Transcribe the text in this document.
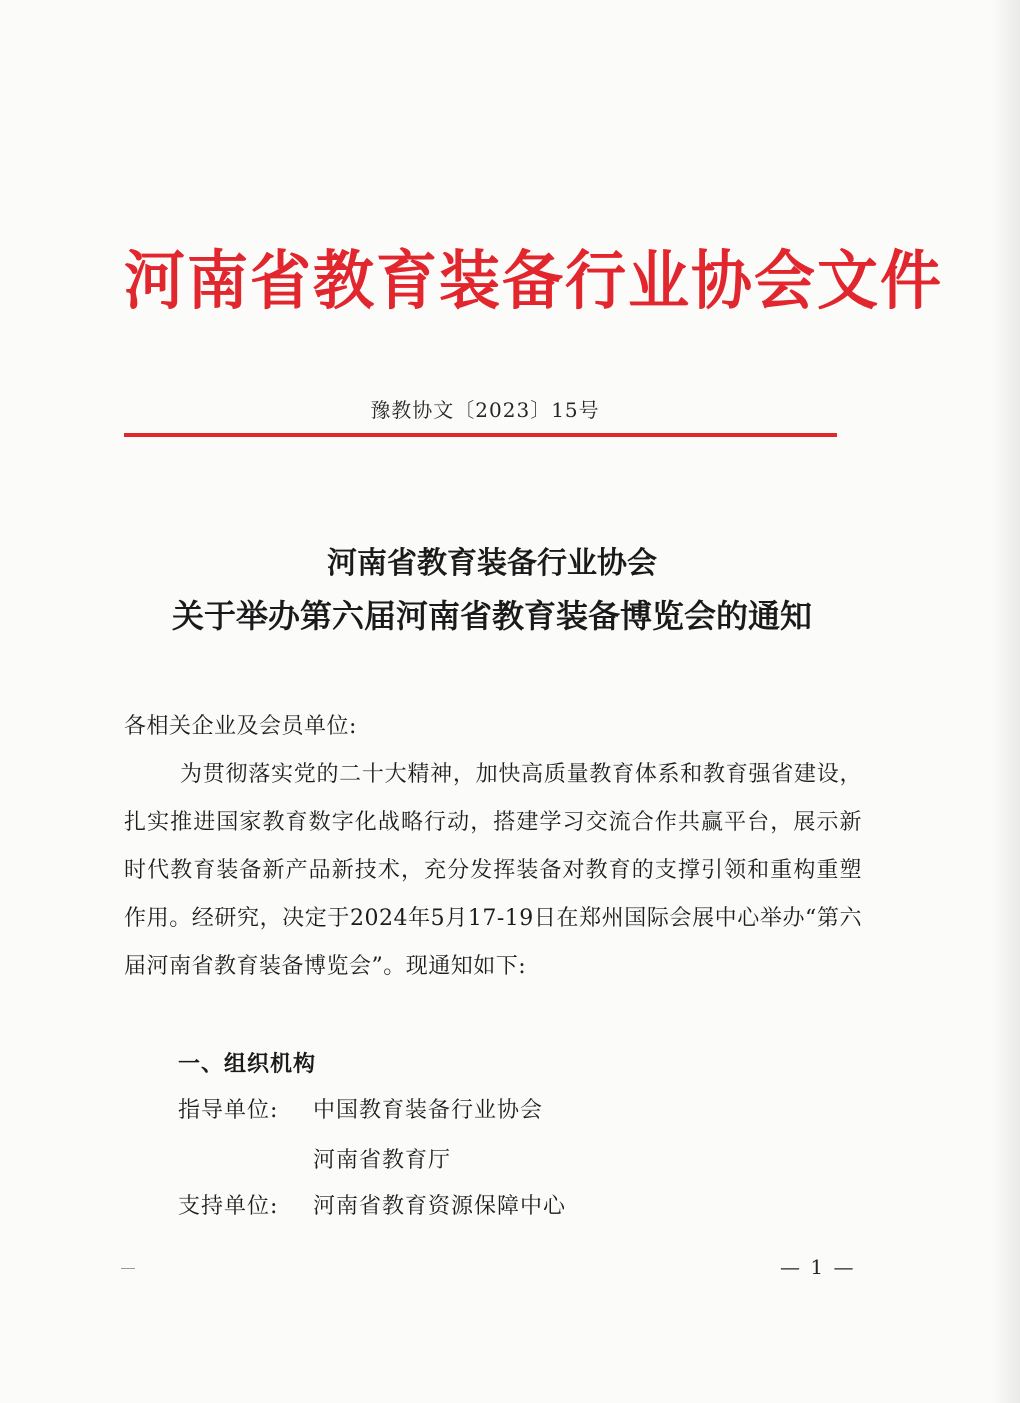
河南省教育装备行业协会文件
豫教协文〔2023〕15号
河南省教育装备行业协会
关于举办第六届河南省教育装备博览会的通知
各相关企业及会员单位:
为贯彻落实党的二十大精神，加快高质量教育体系和教育强省建设，扎实推进国家教育数字化战略行动，搭建学习交流合作共赢平台，展示新时代教育装备新产品新技术，充分发挥装备对教育的支撑引领和重构重塑作用。经研究，决定于2024年5月17-19日在郑州国际会展中心举办“第六届河南省教育装备博览会”。现通知如下:
一、组织机构
指导单位: 中国教育装备行业协会
河南省教育厅
支持单位: 河南省教育资源保障中心
— 1 —
